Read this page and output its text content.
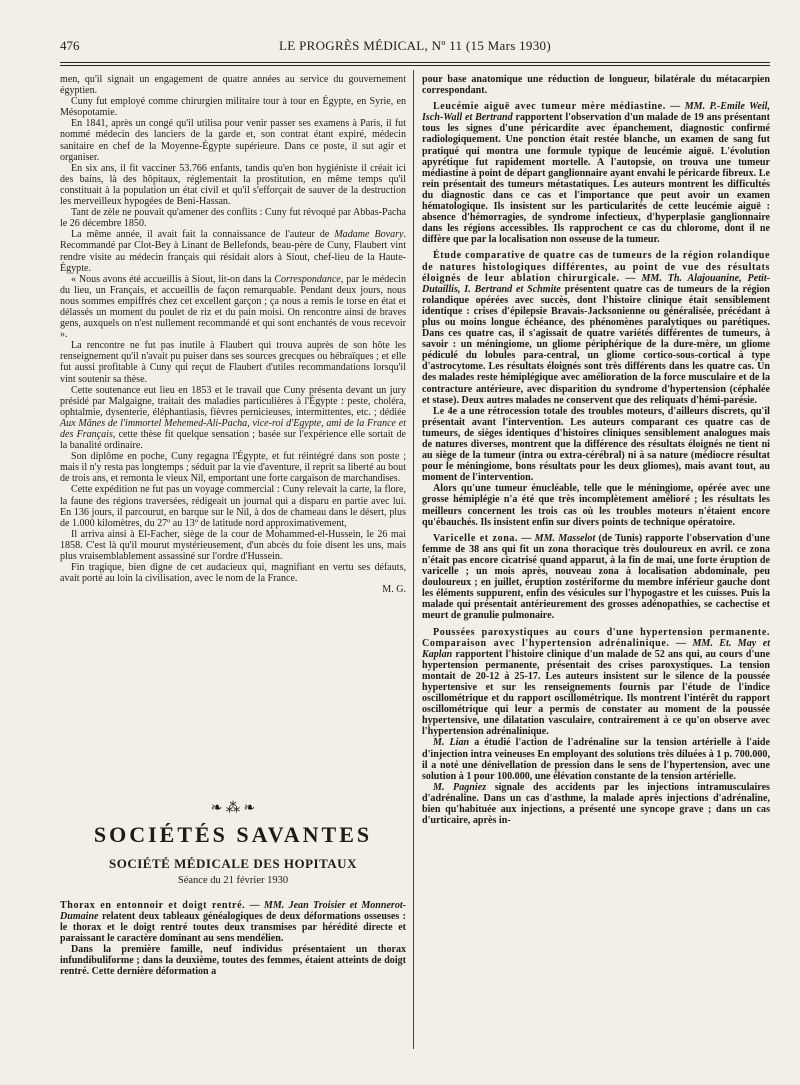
476	LE PROGRÈS MÉDICAL, Nº 11 (15 Mars 1930)

men, qu'il signait un engagement de quatre années au service du gouvernement égyptien.

Cuny fut employé comme chirurgien militaire tour à tour en Égypte, en Syrie, en Mésopotamie.

En 1841, après un congé qu'il utilisa pour venir passer ses examens à Paris, il fut nommé médecin des lanciers de la garde et, son contrat étant expiré, médecin sanitaire en chef de la Moyenne-Égypte supérieure. Dans ce poste, il sut agir et organiser.

En six ans, il fit vacciner 53.766 enfants, tandis qu'en bon hygiéniste il créait ici des bains, là des hôpitaux, réglementait la prostitution, en même temps qu'il constituait à la population un état civil et qu'il s'efforçait de sauver de la destruction les merveilleux hypogées de Beni-Hassan.

Tant de zèle ne pouvait qu'amener des conflits : Cuny fut révoqué par Abbas-Pacha le 26 décembre 1850.

La même année, il avait fait la connaissance de l'auteur de Madame Bovary. Recommandé par Clot-Bey à Linant de Bellefonds, beau-père de Cuny, Flaubert vint rendre visite au médecin français qui résidait alors à Siout, chef-lieu de la Haute-Égypte.

« Nous avons été accueillis à Siout, lit-on dans la Correspondance, par le médecin du lieu, un Français, et accueillis de façon remarquable. Pendant deux jours, nous nous sommes empiffrés chez cet excellent garçon ; ça nous a remis le torse en état et délassés un moment du poulet de riz et du pain moisi. On rencontre ainsi de braves gens, auxquels on n'est nullement recommandé et qui sont enchantés de vous recevoir ».

La rencontre ne fut pas inutile à Flaubert qui trouva auprès de son hôte les renseignement qu'il n'avait pu puiser dans ses sources grecques ou hébraïques ; et elle fut aussi profitable à Cuny qui reçut de Flaubert d'utiles recommandations lorsqu'il vint soutenir sa thèse.

Cette soutenance eut lieu en 1853 et le travail que Cuny présenta devant un jury présidé par Malgaigne, traitait des maladies particulières à l'Égypte : peste, choléra, ophtalmie, dysenterie, éléphantiasis, fièvres pernicieuses, intermittentes, etc. ; dédiée Aux Mânes de l'immortel Mehemed-Ali-Pacha, vice-roi d'Egypte, ami de la France et des Français, cette thèse fit quelque sensation ; basée sur l'expérience elle sortait de la banalité ordinaire.

Son diplôme en poche, Cuny regagna l'Égypte, et fut réintégré dans son poste ; mais il n'y resta pas longtemps ; séduit par la vie d'aventure, il reprit sa liberté au bout de trois ans, et remonta le vieux Nil, emportant une forte cargaison de marchandises.

Cette expédition ne fut pas un voyage commercial : Cuny relevait la carte, la flore, la faune des régions traversées, rédigeait un journal qui a disparu en partie avec lui. En 136 jours, il parcourut, en barque sur le Nil, à dos de chameau dans le désert, plus de 1.000 kilomètres, du 27º au 13º de latitude nord approximativement,

Il arriva ainsi à El-Facher, siège de la cour de Mohammed-el-Hussein, le 26 mai 1858. C'est là qu'il mourut mystérieusement, d'un abcès du foie disent les uns, mais plus vraisemblablement assassiné sur l'ordre d'Hussein.

Fin tragique, bien digne de cet audacieux qui, magnifiant en vertu ses défauts, avait porté au loin la civilisation, avec le nom de la France.

M. G.
❧ ⁂ ❧
SOCIÉTÉS SAVANTES
SOCIÉTÉ MÉDICALE DES HOPITAUX
Séance du 21 février 1930

Thorax en entonnoir et doigt rentré. — MM. Jean Troisier et Monnerot-Dumaine relatent deux tableaux généalogiques de deux déformations osseuses : le thorax et le doigt rentré toutes deux transmises par hérédité directe et paraissant le caractère dominant au sens mendélien.

Dans la première famille, neuf individus présentaient un thorax infundibuliforme ; dans la deuxième, toutes des femmes, étaient atteints de doigt rentré. Cette dernière déformation a

pour base anatomique une réduction de longueur, bilatérale du métacarpien correspondant.

Leucémie aiguë avec tumeur mère médiastine. — MM. P.-Emile Weil, Isch-Wall et Bertrand rapportent l'observation d'un malade de 19 ans présentant tous les signes d'une péricardite avec épanchement, diagnostic confirmé radiologiquement. Une ponction était restée blanche, un examen de sang fut pratiqué qui montra une formule typique de leucémie aiguë. L'évolution apyrétique fut rapidement mortelle. A l'autopsie, on trouva une tumeur médiastine à point de départ ganglionnaire ayant envahi le péricarde fibreux. Le rein présentait des tumeurs métastatiques. Les auteurs montrent les difficultés du diagnostic dans ce cas et l'importance que peut avoir un examen hématologique. Ils insistent sur les particularités de cette leucémie aiguë : absence d'hémorragies, de syndrome infectieux, d'hyperplasie ganglionnaire dans les régions accessibles. Ils rapprochent ce cas du chlorome, dont il ne diffère que par la localisation non osseuse de la tumeur.

Étude comparative de quatre cas de tumeurs de la région rolandique de natures histologiques différentes, au point de vue des résultats éloignés de leur ablation chirurgicale. — MM. Th. Alajouanine, Petit-Dutaillis, I. Bertrand et Schmite présentent quatre cas de tumeurs de la région rolandique opérées avec succès, dont l'histoire clinique était sensiblement identique : crises d'épilepsie Bravais-Jacksonienne ou généralisée, précédant à plus ou moins longue échéance, des phénomènes paralytiques ou parétiques. Dans ces quatre cas, il s'agissait de quatre variétés différentes de tumeurs, à savoir : un méningiome, un gliome périphérique de la dure-mère, un gliome pédiculé du lobules para-central, un gliome cortico-sous-cortical à type d'astrocytome. Les résultats éloignés sont très différents dans les quatre cas. Un des malades reste hémiplégique avec amélioration de la force musculaire et de la contracture antérieure, avec disparition du syndrome d'hypertension (céphalée et stase). Deux autres malades ne conservent que des reliquats d'hémi-parésie.

Le 4e a une rétrocession totale des troubles moteurs, d'ailleurs discrets, qu'il présentait avant l'intervention. Les auteurs comparant ces quatre cas de tumeurs, de sièges identiques d'histoires cliniques sensiblement analogues mais de natures diverses, montrent que la différence des résultats éloignés ne tient ni au siège de la tumeur (intra ou extra-cérébral) ni à sa nature (médiocre résultat pour le méningiome, bons résultats pour les deux gliomes), mais avant tout, au moment de l'intervention.

Alors qu'une tumeur énucléable, telle que le méningiome, opérée avec une grosse hémiplégie n'a été que très incomplètement amélioré ; les résultats les meilleurs concernent les trois cas où les troubles moteurs n'étaient encore qu'ébauchés. Ils insistent enfin sur divers points de technique opératoire.

Varicelle et zona. — MM. Masselot (de Tunis) rapporte l'observation d'une femme de 38 ans qui fit un zona thoracique très douloureux en avril. ce zona n'était pas encore cicatrisé quand apparut, à la fin de mai, une forte éruption de varicelle ; un mois après, nouveau zona à localisation abdominale, peu douloureux ; en juillet, éruption zostériforme du membre inférieur gauche dont les éléments suppurent, enfin des vésicules sur l'hypogastre et les cuisses. Puis la malade qui présentait antérieurement des grosses adénopathies, se cachectise et meurt de granulie pulmonaire.

Poussées paroxystiques au cours d'une hypertension permanente. Comparaison avec l'hypertension adrénalinique. — MM. Et. May et Kaplan rapportent l'histoire clinique d'un malade de 52 ans qui, au cours d'une hypertension permanente, présentait des crises paroxystiques. La tension montait de 20-12 à 25-17. Les auteurs insistent sur le silence de la poussée hypertensive et sur les renseignements fournis par l'étude de l'indice oscillométrique et du rapport oscillométrique. Ils montrent l'intérêt du rapport oscillométrique qui leur a permis de constater au moment de la poussée hypertensive, une dilatation vasculaire, contrairement à ce qu'on observe avec l'hypertension adrénalinique.

M. Lian a étudié l'action de l'adrénaline sur la tension artérielle à l'aide d'injection intra veineuses En employant des solutions très diluées à 1 p. 700.000, il a noté une dénivellation de pression dans le sens de l'hypertension, avec une solution à 1 pour 100.000, une élévation constante de la tension artérielle.

M. Pagniez signale des accidents par les injections intramusculaires d'adrénaline. Dans un cas d'asthme, la malade après injections d'adrénaline, bien qu'habituée aux injections, a présenté une syncope grave ; dans un cas d'urticaire, après in-
